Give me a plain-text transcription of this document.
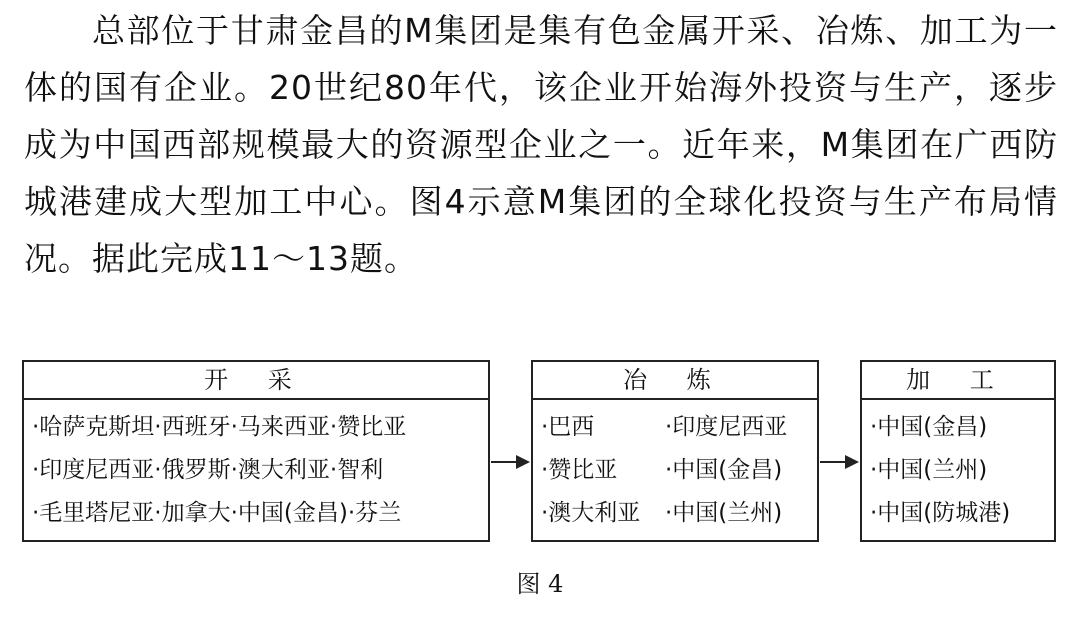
总部位于甘肃金昌的M集团是集有色金属开采、冶炼、加工为一体的国有企业。20世纪80年代，该企业开始海外投资与生产，逐步成为中国西部规模最大的资源型企业之一。近年来，M集团在广西防城港建成大型加工中心。图4示意M集团的全球化投资与生产布局情况。据此完成11～13题。

开 采
·哈萨克斯坦·西班牙·马来西亚·赞比亚
·印度尼西亚·俄罗斯·澳大利亚·智利
·毛里塔尼亚·加拿大·中国(金昌)·芬兰
冶 炼
·巴西
·赞比亚
·澳大利亚
·印度尼西亚
·中国(金昌)
·中国(兰州)
加 工
·中国(金昌)
·中国(兰州)
·中国(防城港)
图 4
